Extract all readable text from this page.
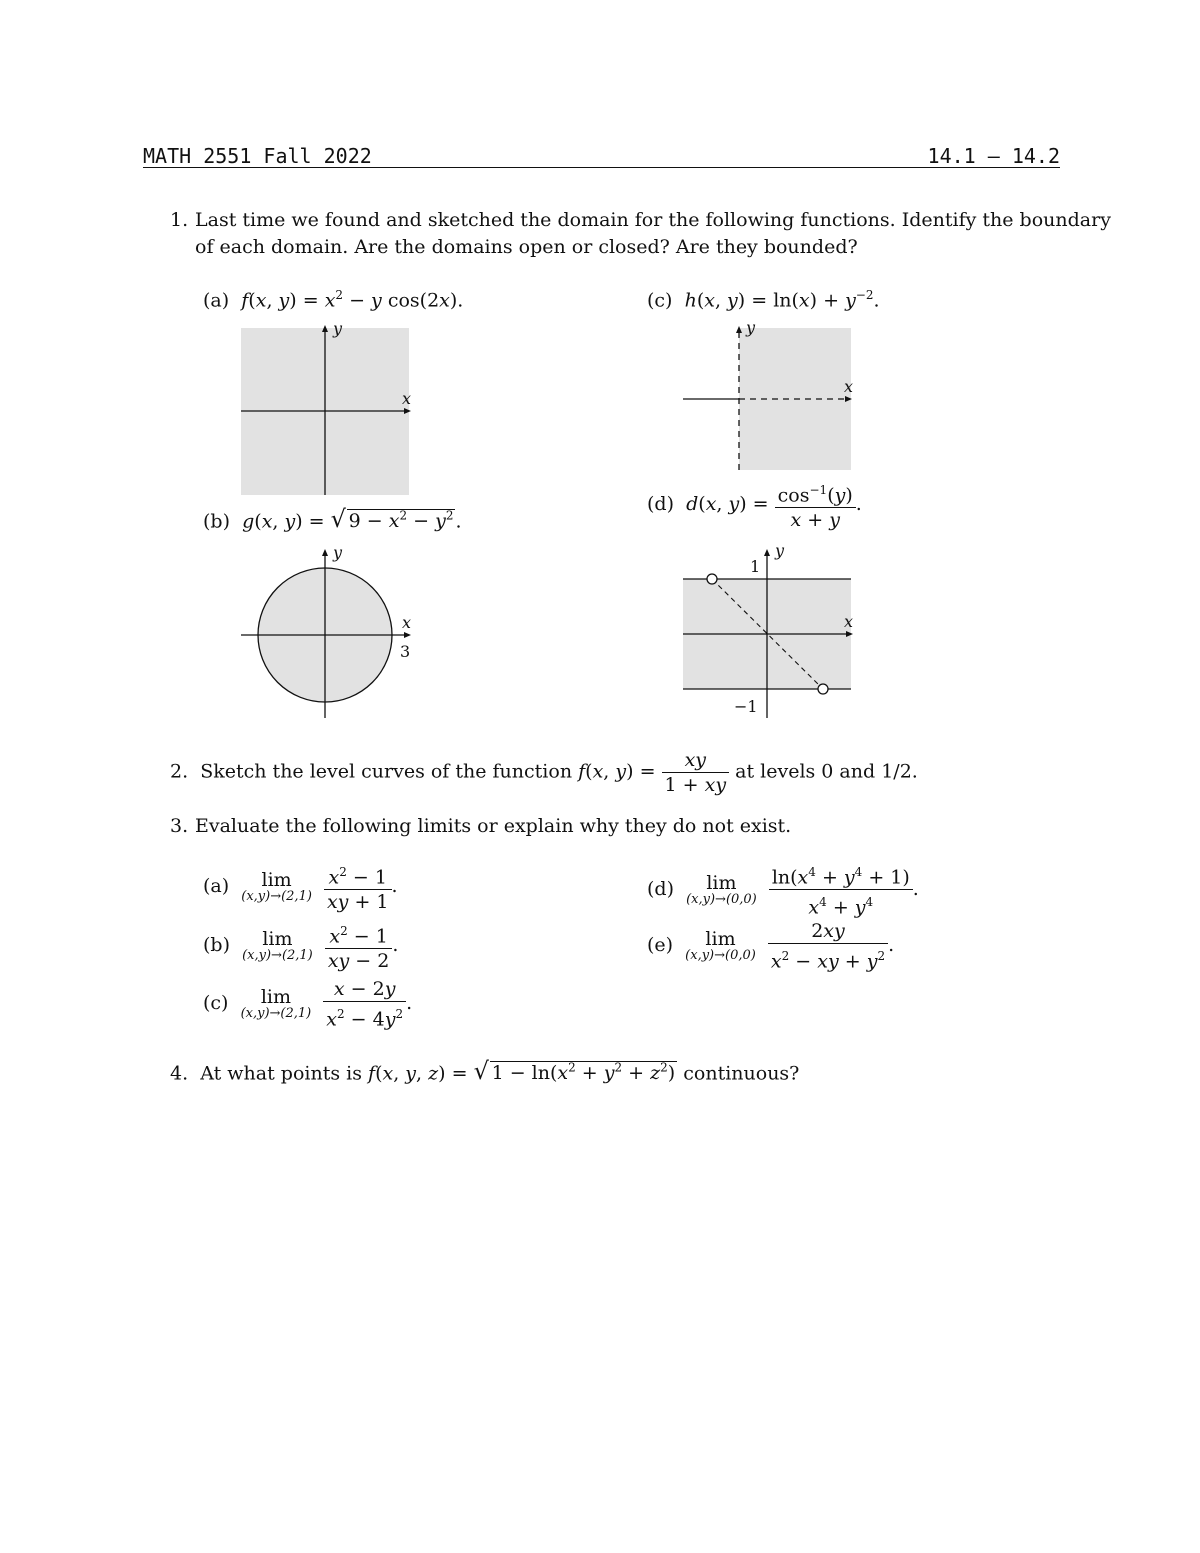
MATH 2551 Fall 2022	14.1 – 14.2
1. Last time we found and sketched the domain for the following functions. Identify the boundary
of each domain. Are the domains open or closed? Are they bounded?
(a) f(x, $y) = x^2 - y$ cos(2x).
x
y
(b) g(x, y) = √ $9 - x^2 - y^2$ .
x
y
3
(c) h(x, $y) = \ln(x) + y^{-2}$.
x
y
(d) d(x, $y) = \frac{\cos^{-1}(y)}{x + y}$ .
x
y
1
−1
2. Sketch the level curves of the function f(x, $y) = \frac{xy}{1 + xy}$ at levels 0 and 1/2.
3. Evaluate the following limits or explain why they do not exist.
(a)	lim
(x,y)→(2,1)
$\frac{x^2 - 1}{xy + 1}$ .
(b)	lim
(x,y)→(2,1)
$\frac{x^2 - 1}{xy - 2}$ .
(c)	lim
(x,y)→(2,1)
$\frac{x - 2y}{x^2 - 4y^2}$ .
(d)	lim
(x,y)→(0,0)
$\frac{\ln(x^4 + y^4 + 1)}{x^4 + y^4}$ .
(e)	lim
(x,y)→(0,0)
$\frac{2xy}{x^2 - xy + y^2}$ .
4. At what points is f(x, y, z) = √ $1 - \ln(x^2 + y^2 + z^2)$ continuous?
